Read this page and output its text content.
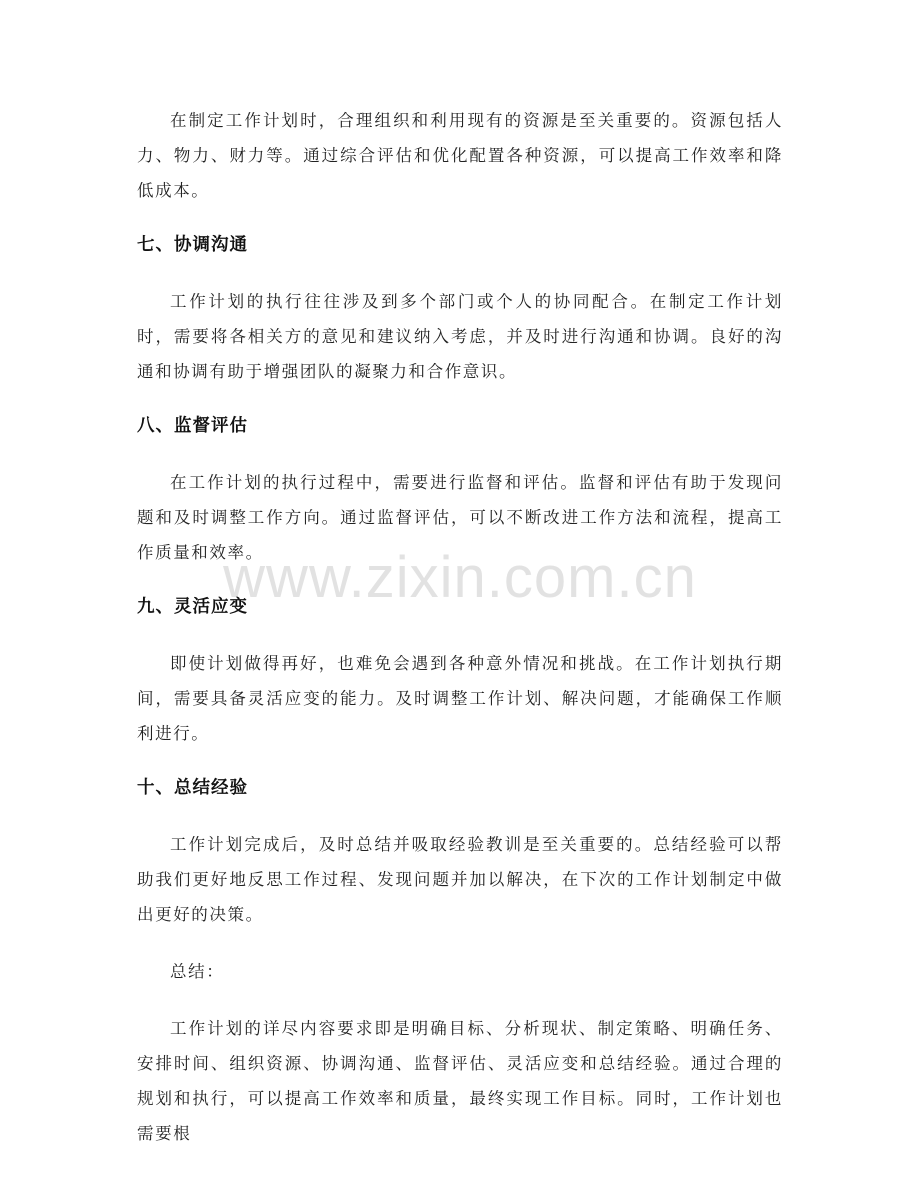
www.zixin.com.cn

在制定工作计划时，合理组织和利用现有的资源是至关重要的。资源包括人力、物力、财力等。通过综合评估和优化配置各种资源，可以提高工作效率和降低成本。

七、协调沟通

工作计划的执行往往涉及到多个部门或个人的协同配合。在制定工作计划时，需要将各相关方的意见和建议纳入考虑，并及时进行沟通和协调。良好的沟通和协调有助于增强团队的凝聚力和合作意识。

八、监督评估

在工作计划的执行过程中，需要进行监督和评估。监督和评估有助于发现问题和及时调整工作方向。通过监督评估，可以不断改进工作方法和流程，提高工作质量和效率。

九、灵活应变

即使计划做得再好，也难免会遇到各种意外情况和挑战。在工作计划执行期间，需要具备灵活应变的能力。及时调整工作计划、解决问题，才能确保工作顺利进行。

十、总结经验

工作计划完成后，及时总结并吸取经验教训是至关重要的。总结经验可以帮助我们更好地反思工作过程、发现问题并加以解决，在下次的工作计划制定中做出更好的决策。

总结：

工作计划的详尽内容要求即是明确目标、分析现状、制定策略、明确任务、安排时间、组织资源、协调沟通、监督评估、灵活应变和总结经验。通过合理的规划和执行，可以提高工作效率和质量，最终实现工作目标。同时，工作计划也需要根
